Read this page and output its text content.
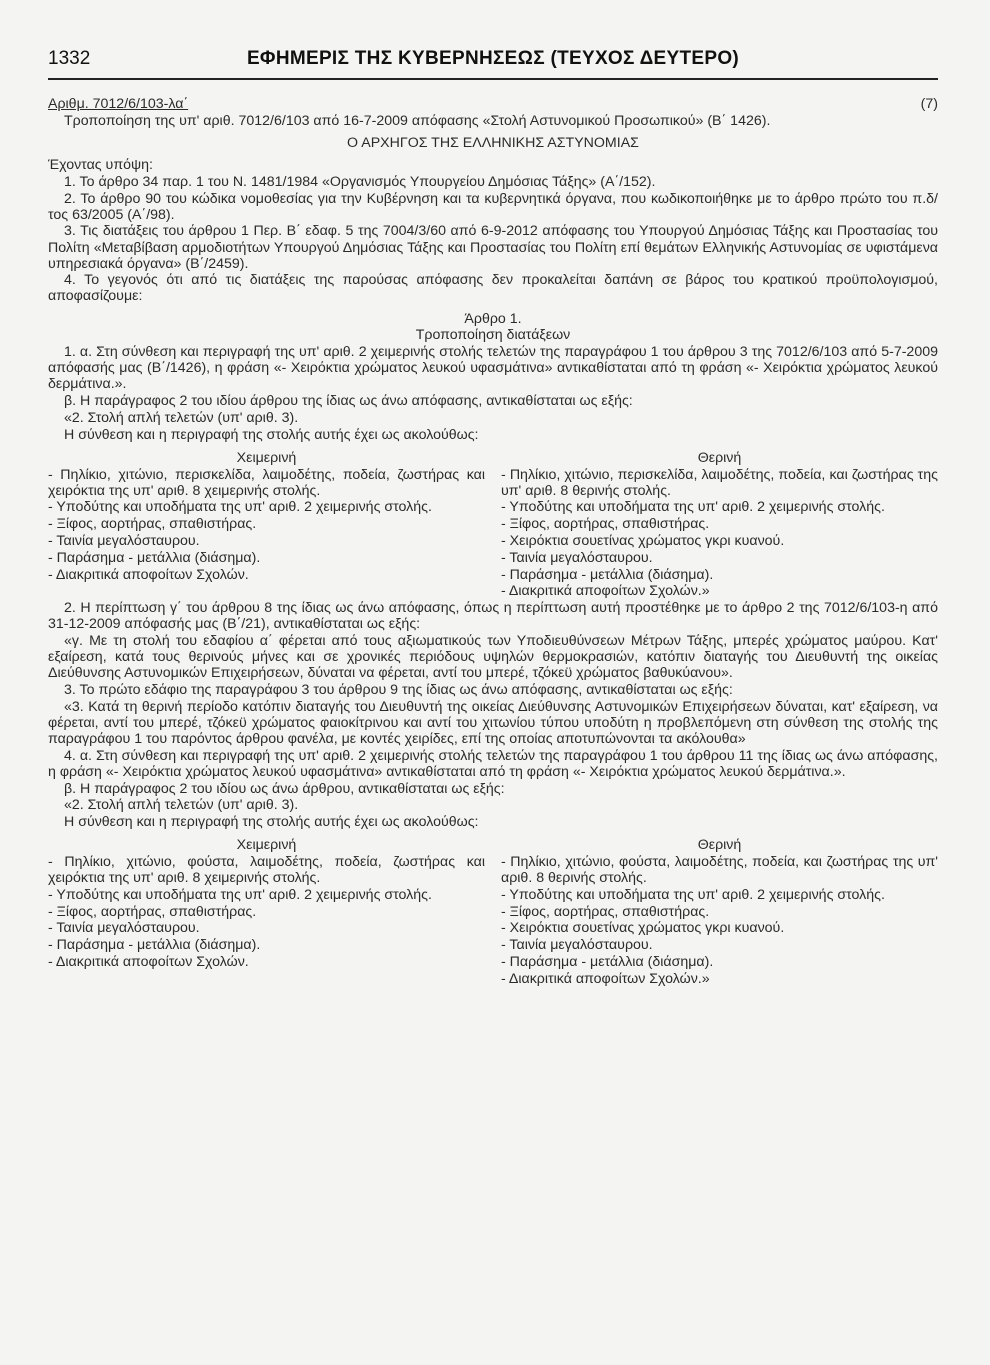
1332	ΕΦΗΜΕΡΙΣ ΤΗΣ ΚΥΒΕΡΝΗΣΕΩΣ (ΤΕΥΧΟΣ ΔΕΥΤΕΡΟ)

Αριθμ. 7012/6/103-λα΄	(7)

Τροποποίηση της υπ' αριθ. 7012/6/103 από 16-7-2009 απόφασης «Στολή Αστυνομικού Προσωπικού» (Β΄ 1426).

Ο ΑΡΧΗΓΟΣ ΤΗΣ ΕΛΛΗΝΙΚΗΣ ΑΣΤΥΝΟΜΙΑΣ

Έχοντας υπόψη:

1. Το άρθρο 34 παρ. 1 του Ν. 1481/1984 «Οργανισμός Υπουργείου Δημόσιας Τάξης» (Α΄/152).

2. Το άρθρο 90 του κώδικα νομοθεσίας για την Κυβέρνηση και τα κυβερνητικά όργανα, που κωδικοποιήθηκε με το άρθρο πρώτο του π.δ/τος 63/2005 (Α΄/98).

3. Τις διατάξεις του άρθρου 1 Περ. Β΄ εδαφ. 5 της 7004/3/60 από 6-9-2012 απόφασης του Υπουργού Δημόσιας Τάξης και Προστασίας του Πολίτη «Μεταβίβαση αρμοδιοτήτων Υπουργού Δημόσιας Τάξης και Προστασίας του Πολίτη επί θεμάτων Ελληνικής Αστυνομίας σε υφιστάμενα υπηρεσιακά όργανα» (Β΄/2459).

4. Το γεγονός ότι από τις διατάξεις της παρούσας απόφασης δεν προκαλείται δαπάνη σε βάρος του κρατικού προϋπολογισμού, αποφασίζουμε:

Άρθρο 1.

Τροποποίηση διατάξεων

1. α. Στη σύνθεση και περιγραφή της υπ' αριθ. 2 χειμερινής στολής τελετών της παραγράφου 1 του άρθρου 3 της 7012/6/103 από 5-7-2009 απόφασής μας (Β΄/1426), η φράση «- Χειρόκτια χρώματος λευκού υφασμάτινα» αντικαθίσταται από τη φράση «- Χειρόκτια χρώματος λευκού δερμάτινα.».

β. Η παράγραφος 2 του ιδίου άρθρου της ίδιας ως άνω απόφασης, αντικαθίσταται ως εξής:

«2. Στολή απλή τελετών (υπ' αριθ. 3).

Η σύνθεση και η περιγραφή της στολής αυτής έχει ως ακολούθως:

Χειμερινή

- Πηλίκιο, χιτώνιο, περισκελίδα, λαιμοδέτης, ποδεία, ζωστήρας και χειρόκτια της υπ' αριθ. 8 χειμερινής στολής.

- Υποδύτης και υποδήματα της υπ' αριθ. 2 χειμερινής στολής.

- Ξίφος, αορτήρας, σπαθιστήρας.

- Ταινία μεγαλόσταυρου.

- Παράσημα - μετάλλια (διάσημα).

- Διακριτικά αποφοίτων Σχολών.

Θερινή

- Πηλίκιο, χιτώνιο, περισκελίδα, λαιμοδέτης, ποδεία, και ζωστήρας της υπ' αριθ. 8 θερινής στολής.

- Υποδύτης και υποδήματα της υπ' αριθ. 2 χειμερινής στολής.

- Ξίφος, αορτήρας, σπαθιστήρας.

- Χειρόκτια σουετίνας χρώματος γκρι κυανού.

- Ταινία μεγαλόσταυρου.

- Παράσημα - μετάλλια (διάσημα).

- Διακριτικά αποφοίτων Σχολών.»

2. Η περίπτωση γ΄ του άρθρου 8 της ίδιας ως άνω απόφασης, όπως η περίπτωση αυτή προστέθηκε με το άρθρο 2 της 7012/6/103-η από 31-12-2009 απόφασής μας (Β΄/21), αντικαθίσταται ως εξής:

«γ. Με τη στολή του εδαφίου α΄ φέρεται από τους αξιωματικούς των Υποδιευθύνσεων Μέτρων Τάξης, μπερές χρώματος μαύρου. Κατ' εξαίρεση, κατά τους θερινούς μήνες και σε χρονικές περιόδους υψηλών θερμοκρασιών, κατόπιν διαταγής του Διευθυντή της οικείας Διεύθυνσης Αστυνομικών Επιχειρήσεων, δύναται να φέρεται, αντί του μπερέ, τζόκεϋ χρώματος βαθυκύανου».

3. Το πρώτο εδάφιο της παραγράφου 3 του άρθρου 9 της ίδιας ως άνω απόφασης, αντικαθίσταται ως εξής:

«3. Κατά τη θερινή περίοδο κατόπιν διαταγής του Διευθυντή της οικείας Διεύθυνσης Αστυνομικών Επιχειρήσεων δύναται, κατ' εξαίρεση, να φέρεται, αντί του μπερέ, τζόκεϋ χρώματος φαιοκίτρινου και αντί του χιτωνίου τύπου υποδύτη η προβλεπόμενη στη σύνθεση της στολής της παραγράφου 1 του παρόντος άρθρου φανέλα, με κοντές χειρίδες, επί της οποίας αποτυπώνονται τα ακόλουθα»

4. α. Στη σύνθεση και περιγραφή της υπ' αριθ. 2 χειμερινής στολής τελετών της παραγράφου 1 του άρθρου 11 της ίδιας ως άνω απόφασης, η φράση «- Χειρόκτια χρώματος λευκού υφασμάτινα» αντικαθίσταται από τη φράση «- Χειρόκτια χρώματος λευκού δερμάτινα.».

β. Η παράγραφος 2 του ιδίου ως άνω άρθρου, αντικαθίσταται ως εξής:

«2. Στολή απλή τελετών (υπ' αριθ. 3).

Η σύνθεση και η περιγραφή της στολής αυτής έχει ως ακολούθως:

Χειμερινή

- Πηλίκιο, χιτώνιο, φούστα, λαιμοδέτης, ποδεία, ζωστήρας και χειρόκτια της υπ' αριθ. 8 χειμερινής στολής.

- Υποδύτης και υποδήματα της υπ' αριθ. 2 χειμερινής στολής.

- Ξίφος, αορτήρας, σπαθιστήρας.

- Ταινία μεγαλόσταυρου.

- Παράσημα - μετάλλια (διάσημα).

- Διακριτικά αποφοίτων Σχολών.

Θερινή

- Πηλίκιο, χιτώνιο, φούστα, λαιμοδέτης, ποδεία, και ζωστήρας της υπ' αριθ. 8 θερινής στολής.

- Υποδύτης και υποδήματα της υπ' αριθ. 2 χειμερινής στολής.

- Ξίφος, αορτήρας, σπαθιστήρας.

- Χειρόκτια σουετίνας χρώματος γκρι κυανού.

- Ταινία μεγαλόσταυρου.

- Παράσημα - μετάλλια (διάσημα).

- Διακριτικά αποφοίτων Σχολών.»
